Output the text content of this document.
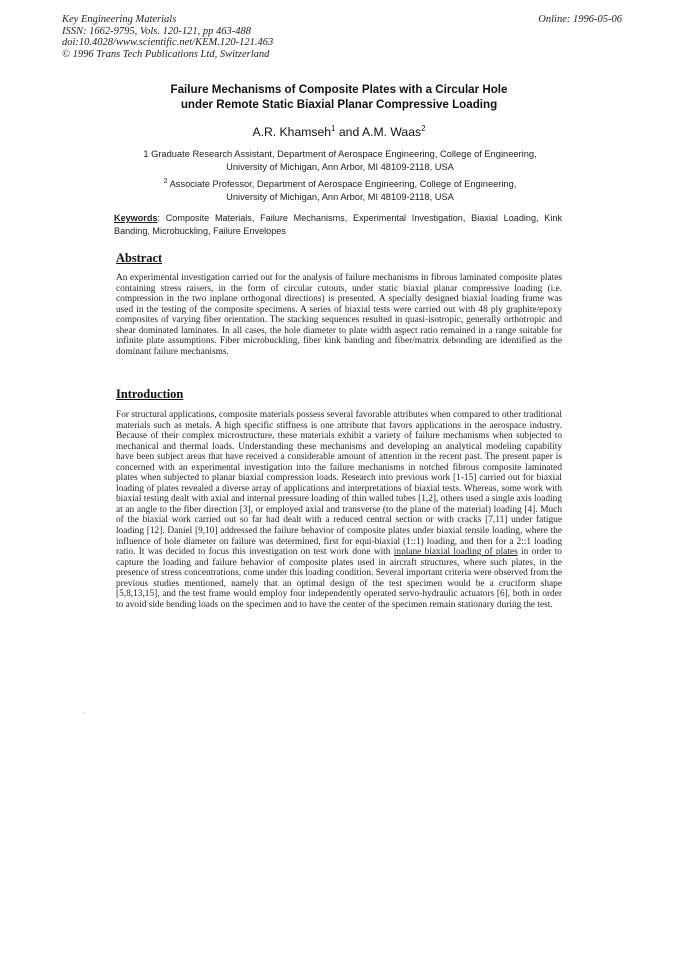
Key Engineering Materials
ISSN: 1662-9795, Vols. 120-121, pp 463-488
doi:10.4028/www.scientific.net/KEM.120-121.463
© 1996 Trans Tech Publications Ltd, Switzerland
Online: 1996-05-06
Failure Mechanisms of Composite Plates with a Circular Hole
under Remote Static Biaxial Planar Compressive Loading
A.R. Khamseh$^1$ and A.M. Waas$^2$
1 Graduate Research Assistant, Department of Aerospace Engineering, College of Engineering,
University of Michigan, Ann Arbor, MI 48109-2118, USA
$^2$ Associate Professor, Department of Aerospace Engineering, College of Engineering,
University of Michigan, Ann Arbor, MI 48109-2118, USA
Keywords: Composite Materials, Failure Mechanisms, Experimental Investigation, Biaxial Loading, Kink Banding, Microbuckling, Failure Envelopes
Abstract
An experimental investigation carried out for the analysis of failure mechanisms in fibrous laminated composite plates containing stress raisers, in the form of circular cutouts, under static biaxial planar compressive loading (i.e. compression in the two inplane orthogonal directions) is presented. A specially designed biaxial loading frame was used in the testing of the composite specimens. A series of biaxial tests were carried out with 48 ply graphite/epoxy composites of varying fiber orientation. The stacking sequences resulted in quasi-isotropic, generally orthotropic and shear dominated laminates. In all cases, the hole diameter to plate width aspect ratio remained in a range suitable for infinite plate assumptions. Fiber microbuckling, fiber kink banding and fiber/matrix debonding are identified as the dominant failure mechanisms.
Introduction
For structural applications, composite materials possess several favorable attributes when compared to other traditional materials such as metals. A high specific stiffness is one attribute that favors applications in the aerospace industry. Because of their complex microstructure, these materials exhibit a variety of failure mechanisms when subjected to mechanical and thermal loads. Understanding these mechanisms and developing an analytical modeling capability have been subject areas that have received a considerable amount of attention in the recent past. The present paper is concerned with an experimental investigation into the failure mechanisms in notched fibrous composite laminated plates when subjected to planar biaxial compression loads. Research into previous work [1-15] carried out for biaxial loading of plates revealed a diverse array of applications and interpretations of biaxial tests. Whereas, some work with biaxial testing dealt with axial and internal pressure loading of thin walled tubes [1,2], others used a single axis loading at an angle to the fiber direction [3], or employed axial and transverse (to the plane of the material) loading [4]. Much of the biaxial work carried out so far had dealt with a reduced central section or with cracks [7,11] under fatigue loading [12]. Daniel [9,10] addressed the failure behavior of composite plates under biaxial tensile loading, where the influence of hole diameter on failure was determined, first for equi-biaxial (1::1) loading, and then for a 2::1 loading ratio. It was decided to focus this investigation on test work done with inplane biaxial loading of plates in order to capture the loading and failure behavior of composite plates used in aircraft structures, where such plates, in the presence of stress concentrations, come under this loading condition. Several important criteria were observed from the previous studies mentioned, namely that an optimal design of the test specimen would be a cruciform shape [5,8,13,15], and the test frame would employ four independently operated servo-hydraulic actuators [6], both in order to avoid side bending loads on the specimen and to have the center of the specimen remain stationary during the test.
